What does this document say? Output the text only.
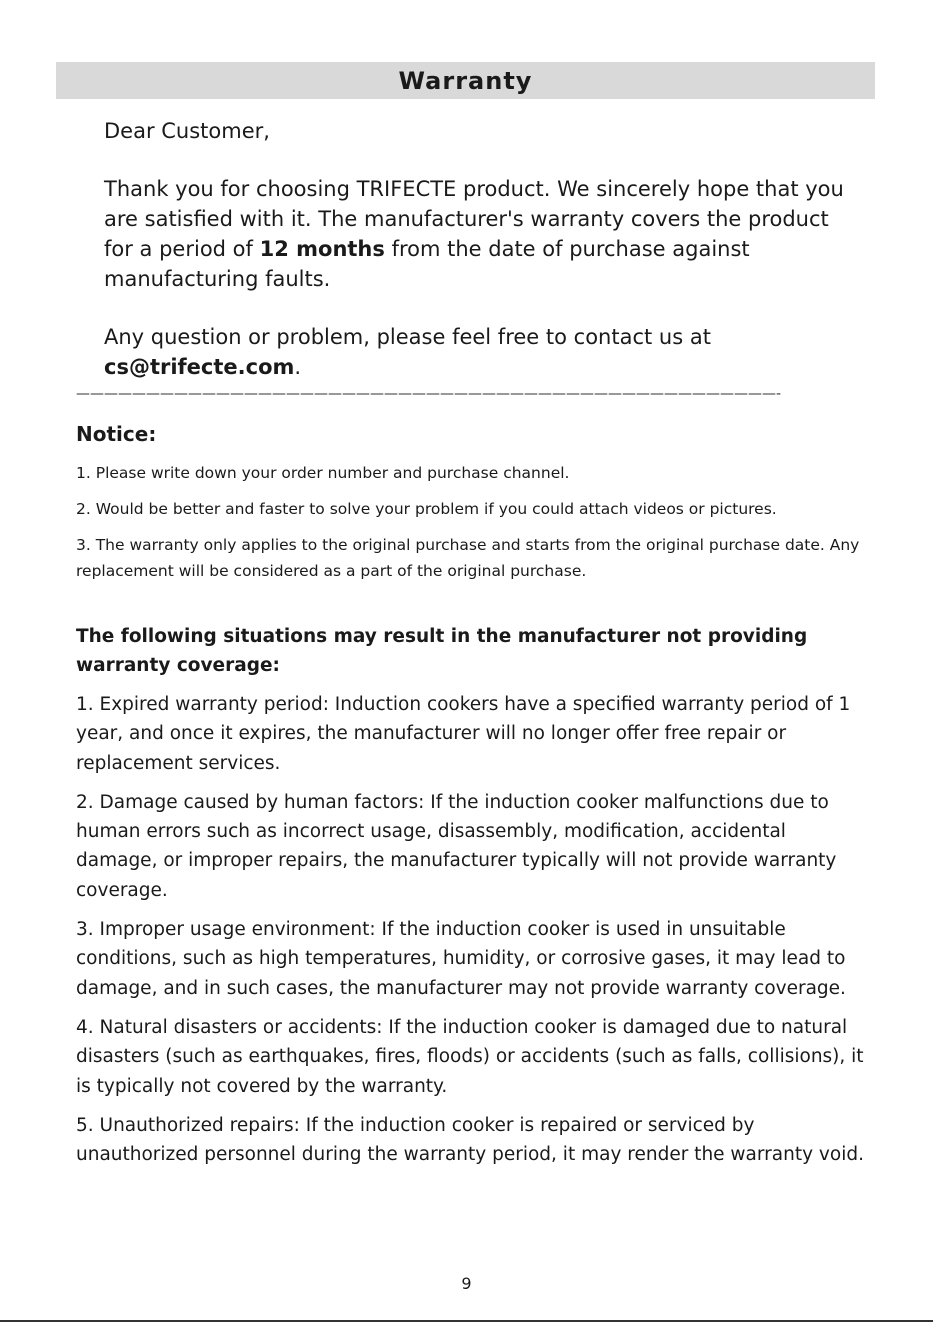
Warranty

Dear Customer,

Thank you for choosing TRIFECTE product. We sincerely hope that you are satisfied with it. The manufacturer's warranty covers the product for a period of 12 months from the date of purchase against manufacturing faults.

Any question or problem, please feel free to contact us at cs@trifecte.com.

——————————————————————————————————————————————————-
Notice:
1. Please write down your order number and purchase channel.
2. Would be better and faster to solve your problem if you could attach videos or pictures.
3. The warranty only applies to the original purchase and starts from the original purchase date. Any replacement will be considered as a part of the original purchase.
The following situations may result in the manufacturer not providing warranty coverage:
1. Expired warranty period: Induction cookers have a specified warranty period of 1 year, and once it expires, the manufacturer will no longer offer free repair or replacement services.
2. Damage caused by human factors: If the induction cooker malfunctions due to human errors such as incorrect usage, disassembly, modification, accidental damage, or improper repairs, the manufacturer typically will not provide warranty coverage.
3. Improper usage environment: If the induction cooker is used in unsuitable conditions, such as high temperatures, humidity, or corrosive gases, it may lead to damage, and in such cases, the manufacturer may not provide warranty coverage.
4. Natural disasters or accidents: If the induction cooker is damaged due to natural disasters (such as earthquakes, fires, floods) or accidents (such as falls, collisions), it is typically not covered by the warranty.
5. Unauthorized repairs: If the induction cooker is repaired or serviced by unauthorized personnel during the warranty period, it may render the warranty void.
9
